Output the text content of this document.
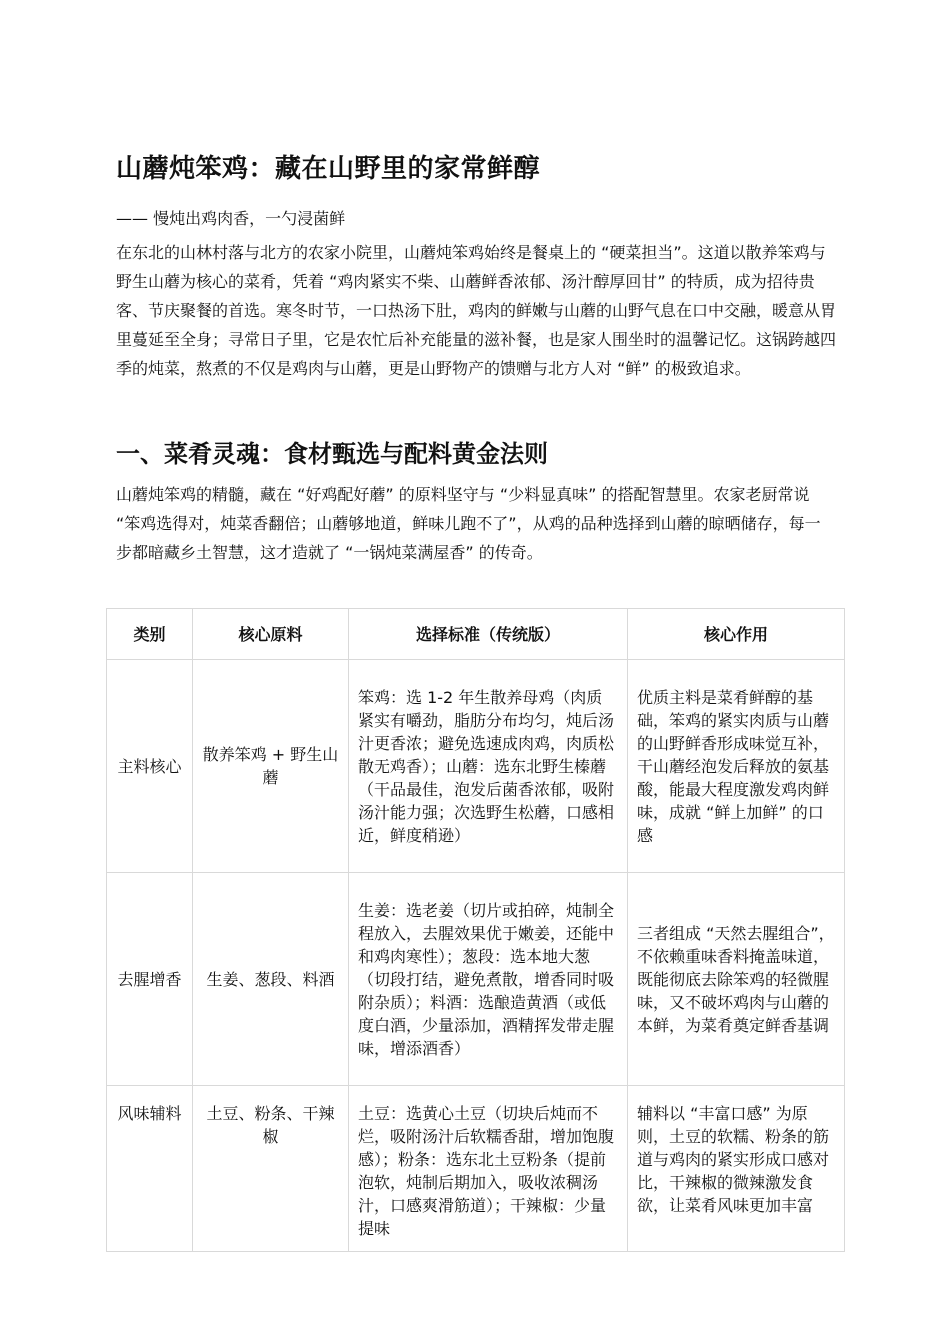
山蘑炖笨鸡：藏在山野里的家常鲜醇

—— 慢炖出鸡肉香，一勺浸菌鲜

在东北的山林村落与北方的农家小院里，山蘑炖笨鸡始终是餐桌上的 “硬菜担当”。这道以散养笨鸡与野生山蘑为核心的菜肴，凭着 “鸡肉紧实不柴、山蘑鲜香浓郁、汤汁醇厚回甘” 的特质，成为招待贵客、节庆聚餐的首选。寒冬时节，一口热汤下肚，鸡肉的鲜嫩与山蘑的山野气息在口中交融，暖意从胃里蔓延至全身；寻常日子里，它是农忙后补充能量的滋补餐，也是家人围坐时的温馨记忆。这锅跨越四季的炖菜，熬煮的不仅是鸡肉与山蘑，更是山野物产的馈赠与北方人对 “鲜” 的极致追求。

一、菜肴灵魂：食材甄选与配料黄金法则

山蘑炖笨鸡的精髓，藏在 “好鸡配好蘑” 的原料坚守与 “少料显真味” 的搭配智慧里。农家老厨常说 “笨鸡选得对，炖菜香翻倍；山蘑够地道，鲜味儿跑不了”，从鸡的品种选择到山蘑的晾晒储存，每一步都暗藏乡土智慧，这才造就了 “一锅炖菜满屋香” 的传奇。

类别	核心原料	选择标准（传统版）	核心作用
主料核心	散养笨鸡 + 野生山蘑	笨鸡：选 1-2 年生散养母鸡（肉质紧实有嚼劲，脂肪分布均匀，炖后汤汁更香浓；避免选速成肉鸡，肉质松散无鸡香）；山蘑：选东北野生榛蘑（干品最佳，泡发后菌香浓郁，吸附汤汁能力强；次选野生松蘑，口感相近，鲜度稍逊）	优质主料是菜肴鲜醇的基础，笨鸡的紧实肉质与山蘑的山野鲜香形成味觉互补，干山蘑经泡发后释放的氨基酸，能最大程度激发鸡肉鲜味，成就 “鲜上加鲜” 的口感
去腥增香	生姜、葱段、料酒	生姜：选老姜（切片或拍碎，炖制全程放入，去腥效果优于嫩姜，还能中和鸡肉寒性）；葱段：选本地大葱（切段打结，避免煮散，增香同时吸附杂质）；料酒：选酿造黄酒（或低度白酒，少量添加，酒精挥发带走腥味，增添酒香）	三者组成 “天然去腥组合”，不依赖重味香料掩盖味道，既能彻底去除笨鸡的轻微腥味，又不破坏鸡肉与山蘑的本鲜，为菜肴奠定鲜香基调
风味辅料	土豆、粉条、干辣椒	土豆：选黄心土豆（切块后炖而不烂，吸附汤汁后软糯香甜，增加饱腹感）；粉条：选东北土豆粉条（提前泡软，炖制后期加入，吸收浓稠汤汁，口感爽滑筋道）；干辣椒：少量提味	辅料以 “丰富口感” 为原则，土豆的软糯、粉条的筋道与鸡肉的紧实形成口感对比，干辣椒的微辣激发食欲，让菜肴风味更加丰富
